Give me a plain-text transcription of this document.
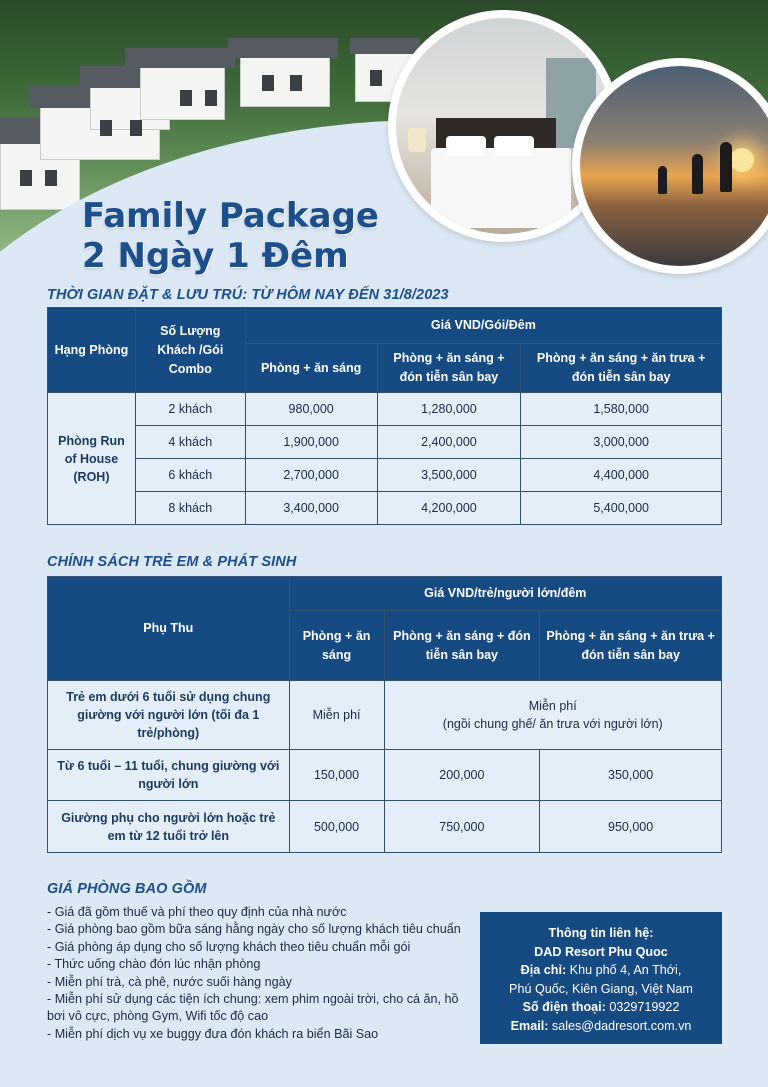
Family Package
2 Ngày 1 Đêm
THỜI GIAN ĐẶT & LƯU TRÚ: TỪ HÔM NAY ĐẾN 31/8/2023
Hạng Phòng	Số Lượng Khách /Gói Combo	Giá VND/Gói/Đêm		
		Phòng + ăn sáng	Phòng + ăn sáng + đón tiễn sân bay	Phòng + ăn sáng + ăn trưa + đón tiễn sân bay
Phòng Run of House (ROH)	2 khách	980,000	1,280,000	1,580,000
	4 khách	1,900,000	2,400,000	3,000,000
	6 khách	2,700,000	3,500,000	4,400,000
	8 khách	3,400,000	4,200,000	5,400,000
CHÍNH SÁCH TRẺ EM & PHÁT SINH
Phụ Thu	Giá VND/trẻ/người lớn/đêm		
	Phòng + ăn sáng	Phòng + ăn sáng + đón tiễn sân bay	Phòng + ăn sáng + ăn trưa + đón tiễn sân bay
Trẻ em dưới 6 tuổi sử dụng chung giường với người lớn (tối đa 1 trẻ/phòng)	Miễn phí	Miễn phí
(ngồi chung ghế/ ăn trưa với người lớn)	

Từ 6 tuổi – 11 tuổi, chung giường với người lớn	150,000	200,000	350,000
Giường phụ cho người lớn hoặc trẻ em từ 12 tuổi trở lên	500,000	750,000	950,000
GIÁ PHÒNG BAO GỒM
- Giá đã gồm thuế và phí theo quy định của nhà nước
- Giá phòng bao gồm bữa sáng hằng ngày cho số lượng khách tiêu chuẩn
- Giá phòng áp dụng cho số lượng khách theo tiêu chuẩn mỗi gói
- Thức uống chào đón lúc nhận phòng
- Miễn phí trà, cà phê, nước suối hàng ngày
- Miễn phí sử dụng các tiện ích chung: xem phim ngoài trời, cho cá ăn, hồ bơi vô cực, phòng Gym, Wifi tốc độ cao
- Miễn phí dịch vụ xe buggy đưa đón khách ra biển Bãi Sao
Thông tin liên hệ:
DAD Resort Phu Quoc
Địa chỉ: Khu phố 4, An Thới,
Phú Quốc, Kiên Giang, Việt Nam
Số điện thoại: 0329719922
Email: sales@dadresort.com.vn
